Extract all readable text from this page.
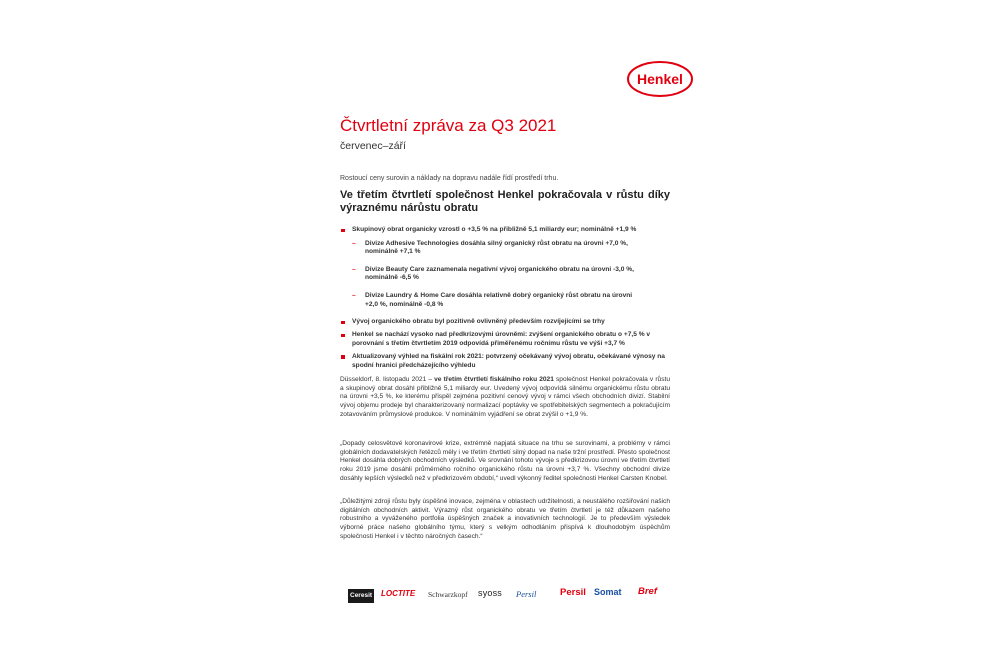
Henkel
Čtvrtletní zpráva za Q3 2021
červenec–září
Rostoucí ceny surovin a náklady na dopravu nadále řídí prostředí trhu.
Ve třetím čtvrtletí společnost Henkel pokračovala v růstu díky výraznému nárůstu obratu
Skupinový obrat organicky vzrostl o +3,5 % na přibližně 5,1 miliardy eur; nominálně +1,9 %
– Divize Adhesive Technologies dosáhla silný organický růst obratu na úrovni +7,0 %, nominálně +7,1 %
– Divize Beauty Care zaznamenala negativní vývoj organického obratu na úrovni -3,0 %, nominálně -6,5 %
– Divize Laundry & Home Care dosáhla relativně dobrý organický růst obratu na úrovni +2,0 %, nominálně -0,8 %
Vývoj organického obratu byl pozitivně ovlivněný především rozvíjejícími se trhy
Henkel se nachází vysoko nad předkrizovými úrovněmi: zvýšení organického obratu o +7,5 % v porovnání s třetím čtvrtletím 2019 odpovídá přiměřenému ročnímu růstu ve výši +3,7 %
Aktualizovaný výhled na fiskální rok 2021: potvrzený očekávaný vývoj obratu, očekávané výnosy na spodní hranici předcházejícího výhledu

Düsseldorf, 8. listopadu 2021 – ve třetím čtvrtletí fiskálního roku 2021 společnost Henkel pokračovala v růstu a skupinový obrat dosáhl přibližně 5,1 miliardy eur. Uvedený vývoj odpovídá silnému organickému růstu obratu na úrovni +3,5 %, ke kterému přispěl zejména pozitivní cenový vývoj v rámci všech obchodních divizí. Stabilní vývoj objemu prodeje byl charakterizovaný normalizací poptávky ve spotřebitelských segmentech a pokračujícím zotavováním průmyslové produkce. V nominálním vyjádření se obrat zvýšil o +1,9 %.

„Dopady celosvětové koronavirové krize, extrémně napjatá situace na trhu se surovinami, a problémy v rámci globálních dodavatelských řetězců měly i ve třetím čtvrtletí silný dopad na naše tržní prostředí. Přesto společnost Henkel dosáhla dobrých obchodních výsledků. Ve srovnání tohoto vývoje s předkrizovou úrovní ve třetím čtvrtletí roku 2019 jsme dosáhli průměrného ročního organického růstu na úrovni +3,7 %. Všechny obchodní divize dosáhly lepších výsledků než v předkrizovém období,“ uvedl výkonný ředitel společnosti Henkel Carsten Knobel.

„Důležitými zdroji růstu byly úspěšné inovace, zejména v oblastech udržitelnosti, a neustálého rozšiřování našich digitálních obchodních aktivit. Výrazný růst organického obratu ve třetím čtvrtletí je též důkazem našeho robustního a vyváženého portfolia úspěšných značek a inovativních technologií. Je to především výsledek výborné práce našeho globálního týmu, který s velkým odhodláním přispívá k dlouhodobým úspěchům společnosti Henkel i v těchto náročných časech.“

Ceresit LOCTITE Schwarzkopf syoss Persil Persil Somat Bref
